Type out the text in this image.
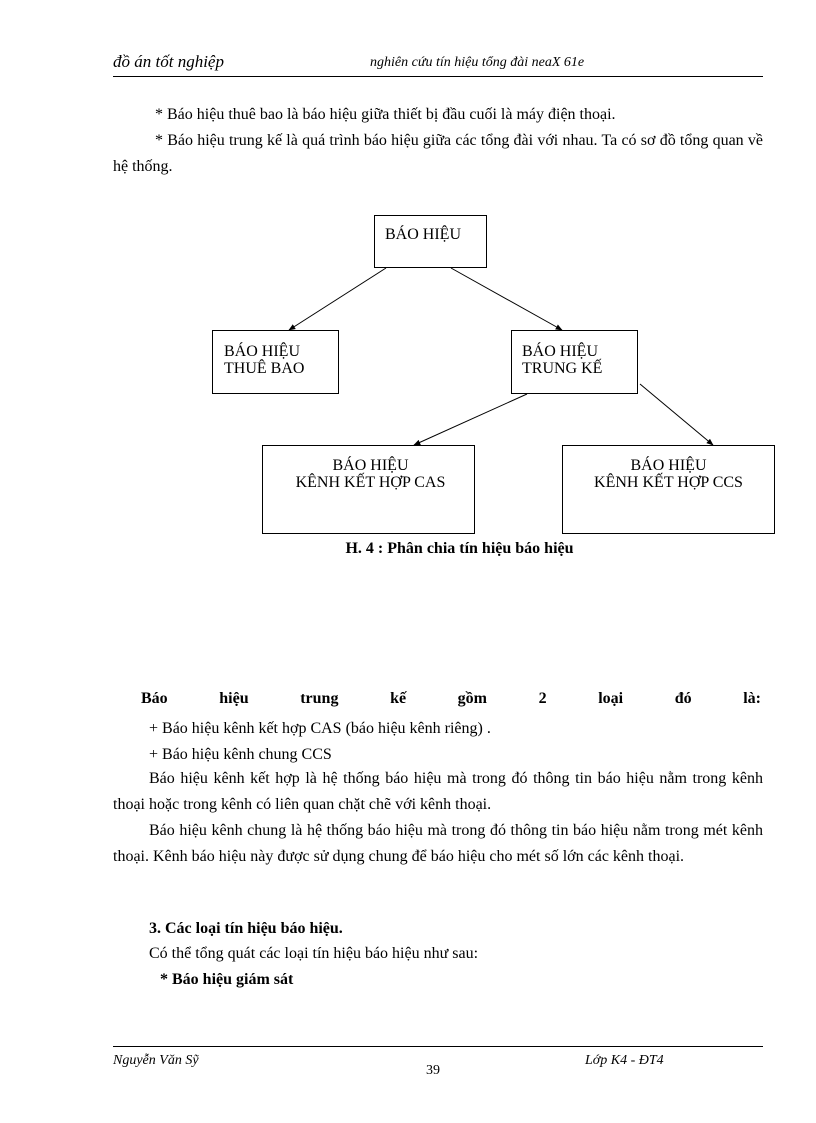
đồ án tốt nghiệp	nghiên cứu tín hiệu tổng đài neaX 61e
* Báo hiệu thuê bao là báo hiệu giữa thiết bị đầu cuối là máy điện thoại.
* Báo hiệu trung kế là quá trình báo hiệu giữa các tổng đài với nhau. Ta có sơ đồ tổng quan về hệ thống.
BÁO HIỆU
BÁO HIỆU
THUÊ BAO
BÁO HIỆU
TRUNG KẾ
BÁO HIỆU
KÊNH KẾT HỢP CAS
BÁO HIỆU
KÊNH KẾT HỢP CCS
H. 4 : Phân chia tín hiệu báo hiệu
Báo hiệu trung kế gồm 2 loại đó là:
+ Báo hiệu kênh kết hợp CAS (báo hiệu kênh riêng) .
+ Báo hiệu kênh chung CCS
Báo hiệu kênh kết hợp là hệ thống báo hiệu mà trong đó thông tin báo hiệu nằm trong kênh thoại hoặc trong kênh có liên quan chặt chẽ với kênh thoại.
Báo hiệu kênh chung là hệ thống báo hiệu mà trong đó thông tin báo hiệu nằm trong mét kênh thoại. Kênh báo hiệu này được sử dụng chung để báo hiệu cho mét số lớn các kênh thoại.
3. Các loại tín hiệu báo hiệu.
Có thể tổng quát các loại tín hiệu báo hiệu như sau:
* Báo hiệu giám sát
Nguyễn Văn Sỹ
39
Lớp K4 - ĐT4
